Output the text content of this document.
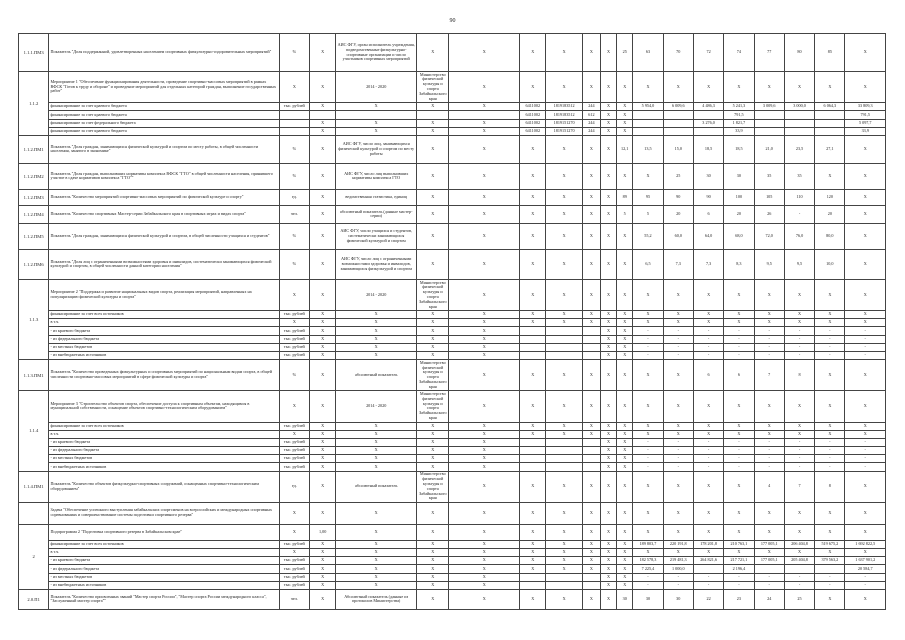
90
1.1.1.ПМ3	Показатель "Доля поддержанной, удовлетворенных населением спортивных физкультурно-оздоровительных мероприятий"	%	Х	АИС ФГУ, орган исполнитель учреждения, подведомственные физкультурно-спортивные организации и число участников спортивных мероприятий	Х	Х	Х	Х	Х	Х	25	63	70	72	74	77	80	85	Х
1.1.2	Мероприятие 1 "Обеспечение функционирования деятельности, проведение спортивно-массовых мероприятий в рамках ВФСК "Готов к труду и обороне" и проведение мероприятий для отдельных категорий граждан, выполнение государственных работ"	Х	Х	2014 - 2020	Министерство физической культуры и спорта Забайкальского края	Х	Х	Х	Х	Х	Х	Х	Х	Х	Х	Х	Х	Х	Х
	финансирование за счет краевого бюджета	тыс. рублей	Х	Х	Х	Х	6411002	1819183512	244	Х	Х	5 954,0	6 009,6	4 486,3	5 241,3	3 009,6	3 000,0	6 064,3	33 809,3
	финансирование за счет краевого бюджета						6411002	1819183512	612	Х	Х				791,5				791,5
	финансирование за счет федерального бюджета		Х	Х	Х	Х	6411002	1819151270	244	Х	Х			3 276,0	1 821,7				5 097,7
	финансирование за счет краевого бюджета		Х	Х	Х	Х	6411002	1819151270	244	Х	Х				33,9				33,9
1.1.2.ПМ1	Показатель "Доля граждан, занимающихся физической культурой и спортом по месту работы, в общей численности населения, занятого в экономике"	%	Х	АИС ФГУ, число лиц, занимающихся физической культурой и спортом по месту работы	Х	Х	Х	Х	Х	Х	12,1	13,5	15,0	18,5	18,5	21,0	23,5	27,1	Х
1.1.2.ПМ2	Показатель "Доля граждан, выполнивших нормативы комплекса ВФСК "ГТО" в общей численности населения, принявшего участие в сдаче нормативов комплекса "ГТО""	%	Х	АИС ФГУ, число лиц выполнивших нормативы комплекса ГТО	Х	Х	Х	Х	Х	Х	Х	Х	25	30	30	35	35	Х	Х
1.1.2.ПМ3	Показатель "Количество мероприятий спортивно-массовых мероприятий по физической культуре и спорту"	ед.	Х	ведомственная статистика, единиц	Х	Х	Х	Х	Х	Х	89	95	90	90	100	105	110	120	Х
1.1.2.ПМ4	Показатель "Количество спортивных Мастер-серии Забайкальского края в спортивных играх и видах спорта"	чел.	Х	абсолютный показатель (данные мастер-серии)	Х	Х	Х	Х	Х	Х	5	5	20	6	20	26	-	20	Х
1.1.2.ПМ5	Показатель "Доля граждан, занимающихся физической культурой и спортом, в общей численности учащихся и студентов"	%	Х	АИС ФГУ, число учащихся и студентов, систематически занимающихся физической культурой и спортом	Х	Х	Х	Х	Х	Х	Х	55,2	60,0	64,0	68,0	72,0	76,0	80,0	Х
1.1.2.ПМ6	Показатель "Доля лиц с ограниченными возможностями здоровья и инвалидов, систематически занимающихся физической культурой и спортом, в общей численности данной категории населения"	%	Х	АИС ФГУ, число лиц с ограниченными возможностями здоровья и инвалидов, занимающихся физкультурой и спортом	Х	Х	Х	Х	Х	Х	Х	6,5	7,3	7,3	8,3	9,5	9,5	10,0	Х
1.1.3	Мероприятие 2 "Поддержка и развитие национальных видов спорта, реализация мероприятий, направленных на популяризацию физической культуры и спорта"	Х	Х	2014 - 2020	Министерство физической культуры и спорта Забайкальского края	Х	Х	Х	Х	Х	Х	Х	Х	Х	Х	Х	Х	Х	Х
	финансирование за счет всех источников	тыс. рублей	Х	Х	Х	Х	Х	Х	Х	Х	Х	Х	Х	Х	Х	Х	Х	Х	Х
	в т.ч.	Х	Х	Х	Х	Х	Х	Х	Х	Х	Х	Х	Х	Х	Х	Х	Х	Х	Х
	- из краевого бюджета	тыс. рублей	Х	Х	Х	Х				Х	Х	-	-	-	-	-	-	-	-
	- из федерального бюджета	тыс. рублей	Х	Х	Х	Х				Х	Х	-	-	-	-	-	-	-	-
	- из местных бюджетов	тыс. рублей	Х	Х	Х	Х				Х	Х	-	-	-	-	-	-	-	-
	- из внебюджетных источников	тыс. рублей	Х	Х	Х	Х				Х	Х	-	-	-	-	-	-	-	-
1.1.3.ПМ1	Показатель "Количество проведенных физкультурных и спортивных мероприятий по национальным видам спорта, в общей численности спортивно-массовых мероприятий в сфере физической культуры и спорта"	%	Х	абсолютный показатель	Министерство физической культуры и спорта Забайкальского края	Х	Х	Х	Х	Х	Х	Х	Х	6	6	7	8	Х	Х
1.1.4	Мероприятие 3 "Строительство объектов спорта, обеспечение доступа к спортивным объектам, находящимся в муниципальной собственности, оснащение объектов спортивно-технологическим оборудованием"	Х	Х	2014 - 2020	Министерство физической культуры и спорта Забайкальского края	Х	Х	Х	Х	Х	Х	Х	Х	Х	Х	Х	Х	Х	Х
	финансирование за счет всех источников	тыс. рублей	Х	Х	Х	Х	Х	Х	Х	Х	Х	Х	Х	Х	Х	Х	Х	Х	Х
	в т.ч.	Х	Х	Х	Х	Х	Х	Х	Х	Х	Х	Х	Х	Х	Х	Х	Х	Х	Х
	- из краевого бюджета	тыс. рублей	Х	Х	Х	Х				Х	Х	-	-	-	-	-	-	-	-
	- из федерального бюджета	тыс. рублей	Х	Х	Х	Х				Х	Х	-	-	-	-	-	-	-	-
	- из местных бюджетов	тыс. рублей	Х	Х	Х	Х				Х	Х	-	-	-	-	-	-	-	-
	- из внебюджетных источников	тыс. рублей	Х	Х	Х	Х				Х	Х	-	-	-	-	-	-	-	-
1.1.4.ПМ1	Показатель "Количество объектов физкультурно-спортивных сооружений, оснащенных спортивно-технологическим оборудованием"	ед.	Х	абсолютный показатель	Министерство физической культуры и спорта Забайкальского края	Х	Х	Х	Х	Х	Х	Х	Х	Х	Х	4	7	8	Х
	Задача "Обеспечение успешного выступления забайкальских спортсменов на всероссийских и международных спортивных соревнованиях и совершенствование системы подготовки спортивного резерва"	Х	Х	Х	Х	Х	Х	Х	Х	Х	Х	Х	Х	Х	Х	Х	Х	Х	Х
2	Подпрограмма 2 "Подготовка спортивного резерва в Забайкальском крае"	Х	1,00	Х	Х	Х	Х	Х	Х	Х	Х	Х	Х	Х	Х	Х	Х	Х	Х
	финансирование за счет всех источников	тыс. рублей	Х	Х	Х	Х	Х	Х	Х	Х	Х	189 803,7	220 191,8	178 201,8	210 763,1	177 005,1	206 404,8	519 675,2	1 692 822,5
	в т.ч.	Х	Х	Х	Х	Х	Х	Х	Х	Х	Х	Х	Х	Х	Х	Х	Х	Х	Х
	- из краевого бюджета	тыс. рублей	Х	Х	Х	Х	Х	Х	Х	Х	Х	182 578,3	219 481,3	264 821,6	217 721,1	177 005,1	205 404,8	379 563,2	1 637 901,2
	- из федерального бюджета	тыс. рублей	Х	Х	Х	Х	Х	Х	Х	Х	Х	7 225,4	1 000,0		2 196,4				20 584,7
	- из местных бюджетов	тыс. рублей	Х	Х	Х	Х				Х	Х	-	-	-	-	-	-	-	-
	- из внебюджетных источников	тыс. рублей	Х	Х	Х	Х				Х	Х	-	-	-	-	-	-	-	-
2.0.П1	Показатель "Количество присвоенных званий "Мастер спорта России", "Мастер спорта России международного класса", "Заслуженный мастер спорта""	чел.	Х	Абсолютный показатель (данные из протоколов Министерства)	Х	Х	Х	Х	Х	Х	30	30	30	22	23	24	25	Х	Х
